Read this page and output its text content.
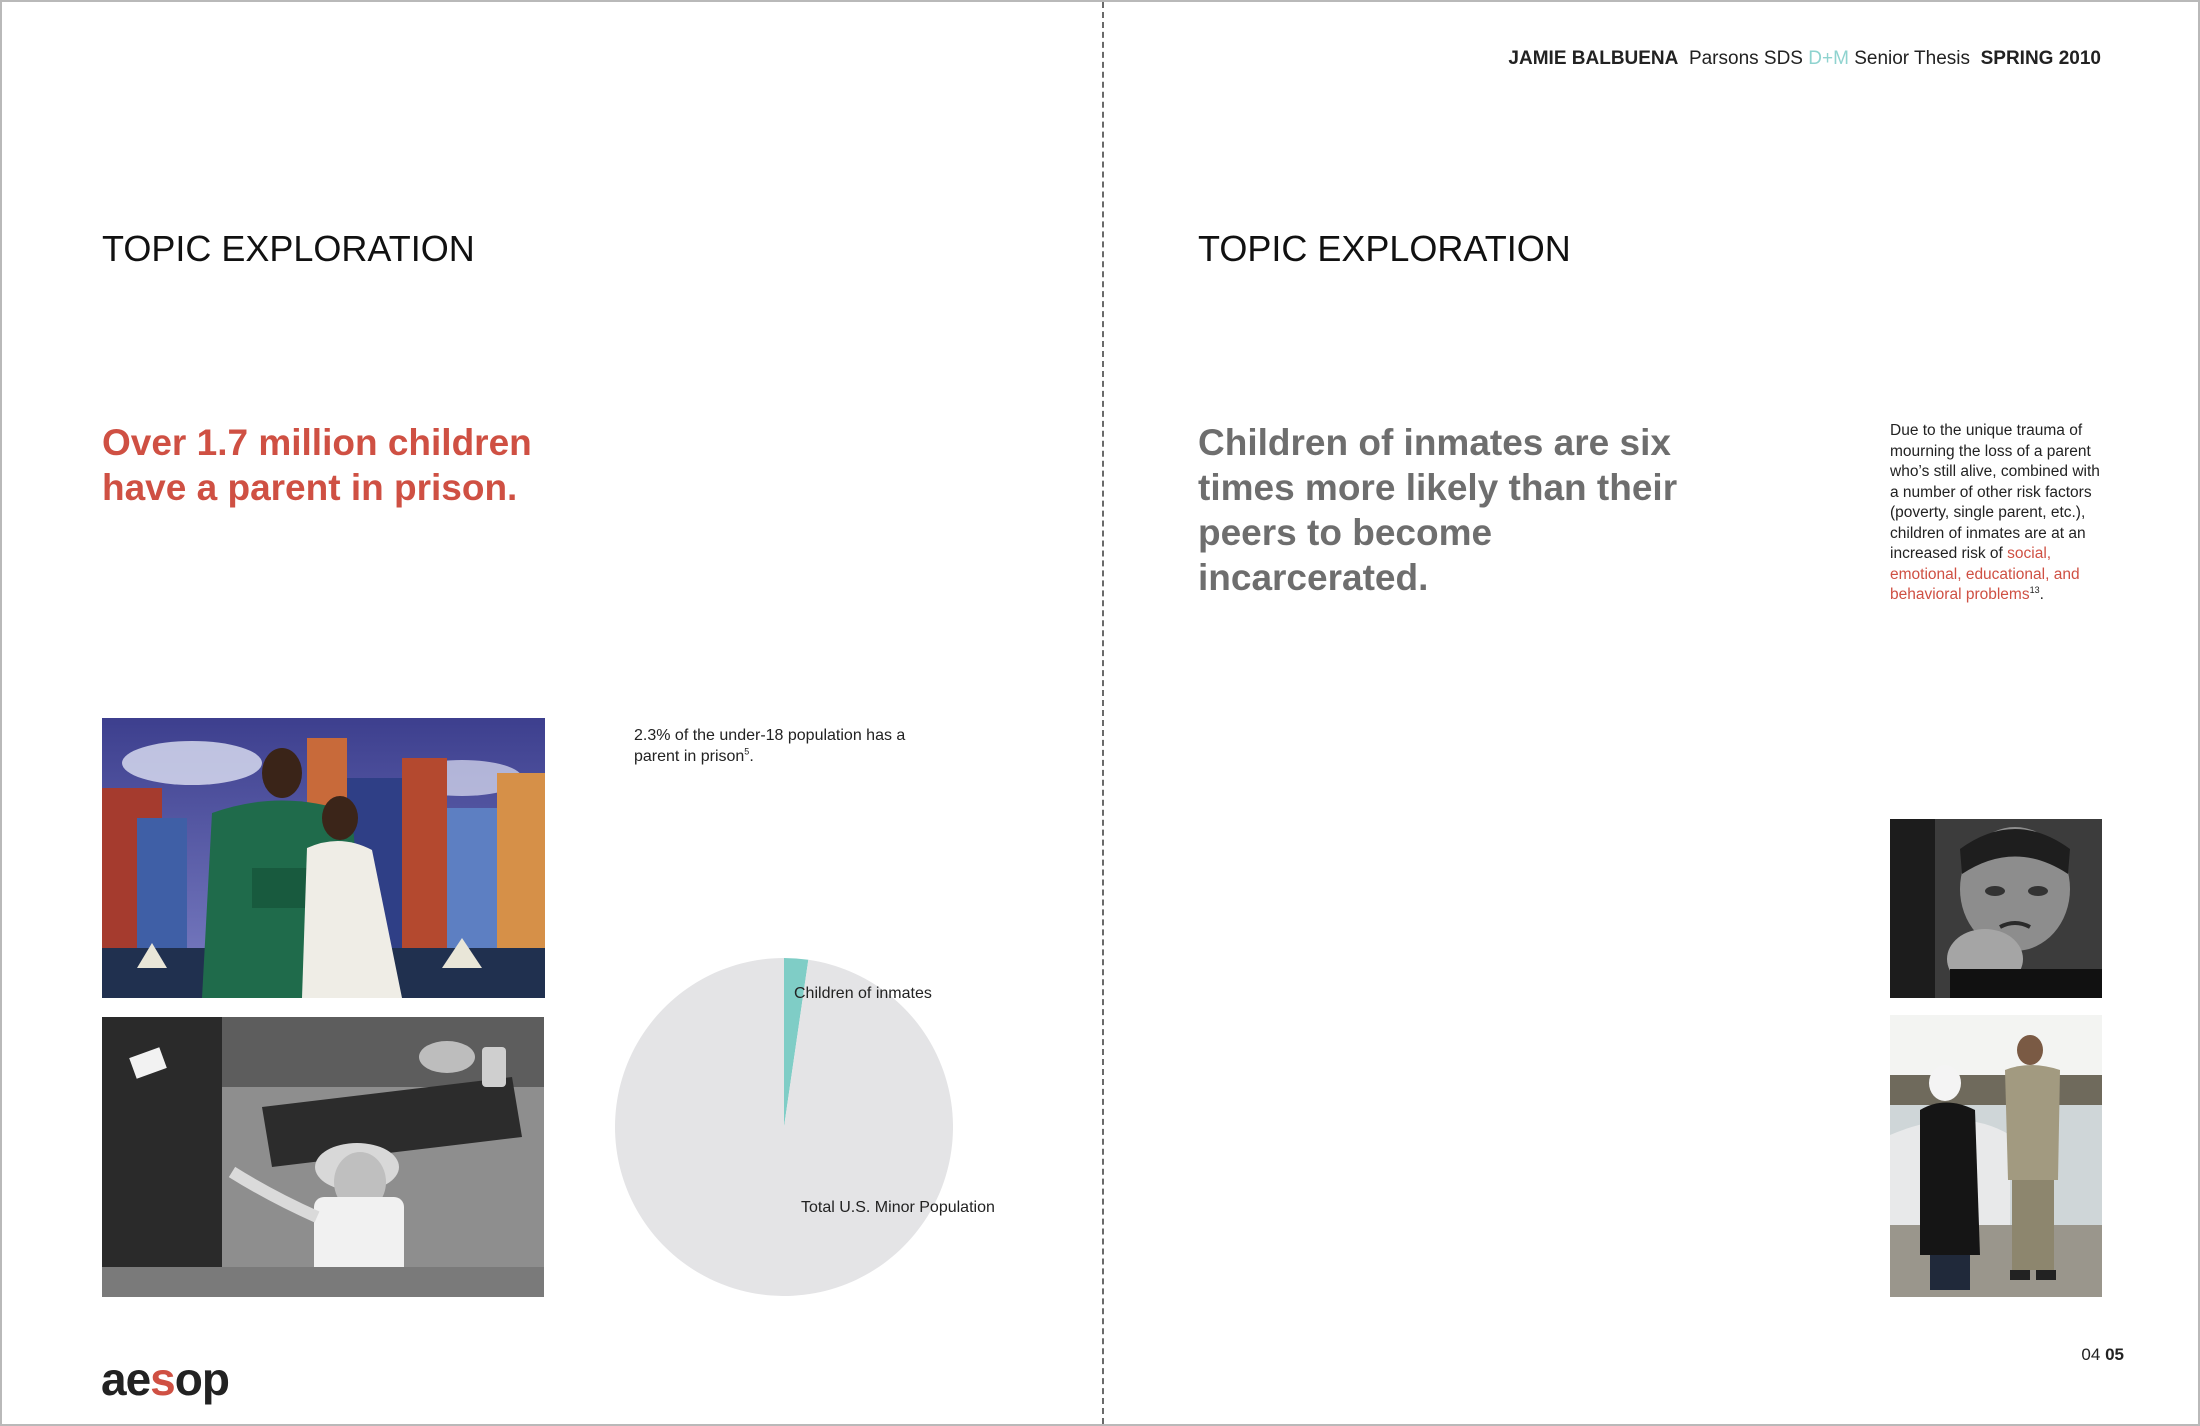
JAMIE BALBUENA Parsons SDS D+M Senior Thesis SPRING 2010
TOPIC EXPLORATION

Over 1.7 million children have a parent in prison.

2.3% of the under-18 population has a parent in prison$^5$.

Children of inmates
Total U.S. Minor Population
aesop
TOPIC EXPLORATION

Children of inmates are six times more likely than their peers to become incarcerated.

Due to the unique trauma of mourning the loss of a parent who’s still alive, combined with a number of other risk factors (poverty, single parent, etc.), children of inmates are at an increased risk of social, emotional, educational, and behavioral problems$^{13}$.

04 05
